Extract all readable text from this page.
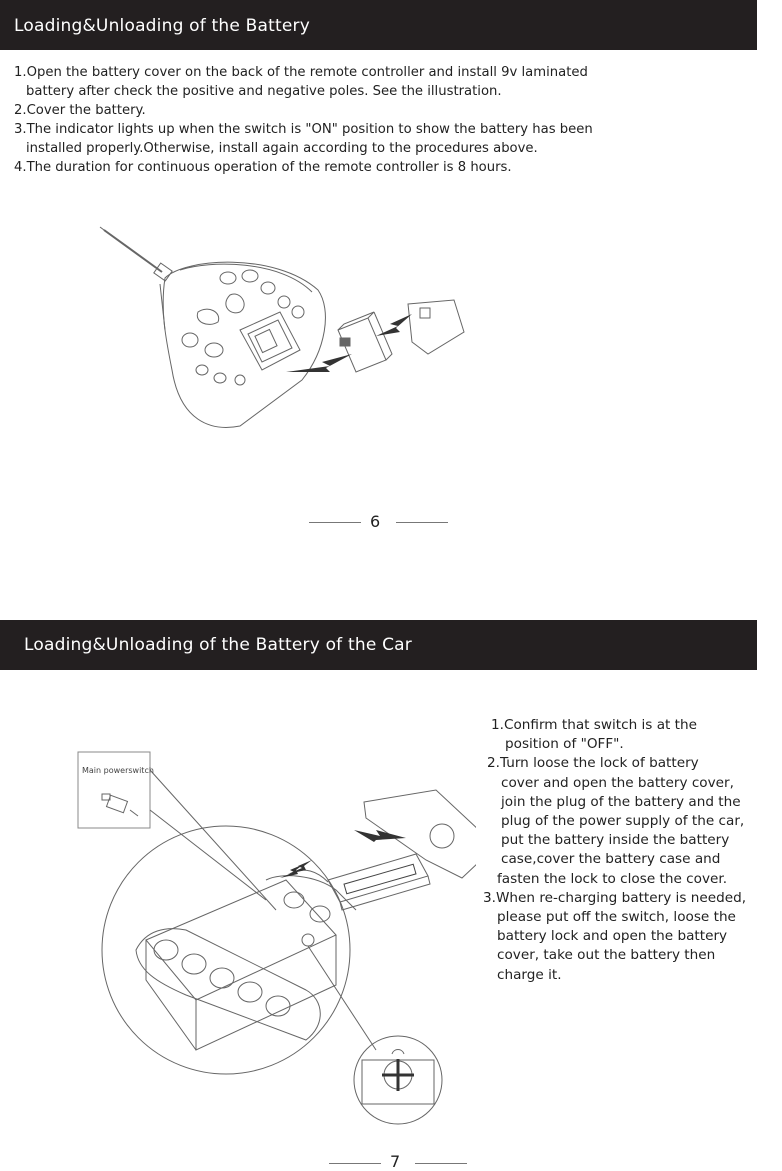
Loading&Unloading of the Battery
1.Open the battery cover on the back of the remote controller and install 9v laminated
battery after check the positive and negative poles. See the illustration.
2.Cover the battery.
3.The indicator lights up when the switch is "ON" position to show the battery has been
installed properly.Otherwise, install again according to the procedures above.
4.The duration for continuous operation of the remote controller is 8 hours.
6
Loading&Unloading of the Battery of the Car
Main powerswitch
1.Confirm that switch is at the
position of "OFF".
2.Turn loose the lock of battery
cover and open the battery cover,
join the plug of the battery and the
plug of the power supply of the car,
put the battery inside the battery
case,cover the battery case and
fasten the lock to close the cover.
3.When re-charging battery is needed,
please put off the switch, loose the
battery lock and open the battery
cover, take out the battery then
charge it.
7
